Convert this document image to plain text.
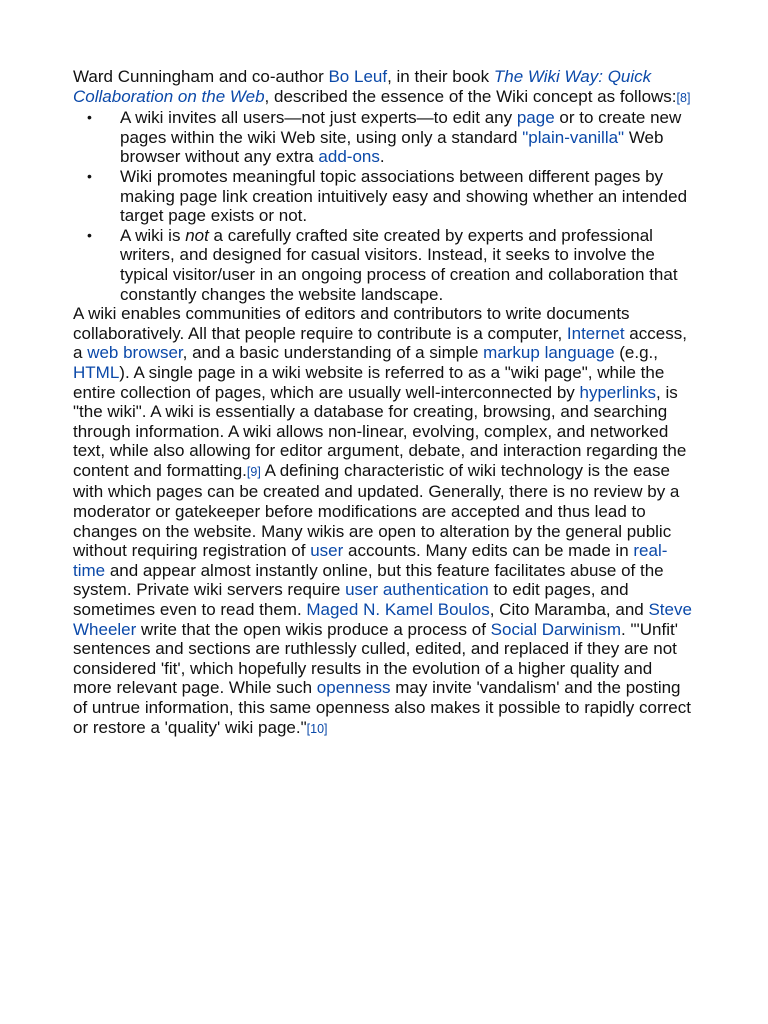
Ward Cunningham and co-author Bo Leuf, in their book The Wiki Way: Quick Collaboration on the Web, described the essence of the Wiki concept as follows:[8]

• A wiki invites all users—not just experts—to edit any page or to create new pages within the wiki Web site, using only a standard "plain-vanilla" Web browser without any extra add-ons.
• Wiki promotes meaningful topic associations between different pages by making page link creation intuitively easy and showing whether an intended target page exists or not.
• A wiki is not a carefully crafted site created by experts and professional writers, and designed for casual visitors. Instead, it seeks to involve the typical visitor/user in an ongoing process of creation and collaboration that constantly changes the website landscape.

A wiki enables communities of editors and contributors to write documents collaboratively. All that people require to contribute is a computer, Internet access, a web browser, and a basic understanding of a simple markup language (e.g., HTML). A single page in a wiki website is referred to as a "wiki page", while the entire collection of pages, which are usually well-interconnected by hyperlinks, is "the wiki". A wiki is essentially a database for creating, browsing, and searching through information. A wiki allows non-linear, evolving, complex, and networked text, while also allowing for editor argument, debate, and interaction regarding the content and formatting.[9] A defining characteristic of wiki technology is the ease with which pages can be created and updated. Generally, there is no review by a moderator or gatekeeper before modifications are accepted and thus lead to changes on the website. Many wikis are open to alteration by the general public without requiring registration of user accounts. Many edits can be made in real-time and appear almost instantly online, but this feature facilitates abuse of the system. Private wiki servers require user authentication to edit pages, and sometimes even to read them. Maged N. Kamel Boulos, Cito Maramba, and Steve Wheeler write that the open wikis produce a process of Social Darwinism. "'Unfit' sentences and sections are ruthlessly culled, edited, and replaced if they are not considered 'fit', which hopefully results in the evolution of a higher quality and more relevant page. While such openness may invite 'vandalism' and the posting of untrue information, this same openness also makes it possible to rapidly correct or restore a 'quality' wiki page."[10]
